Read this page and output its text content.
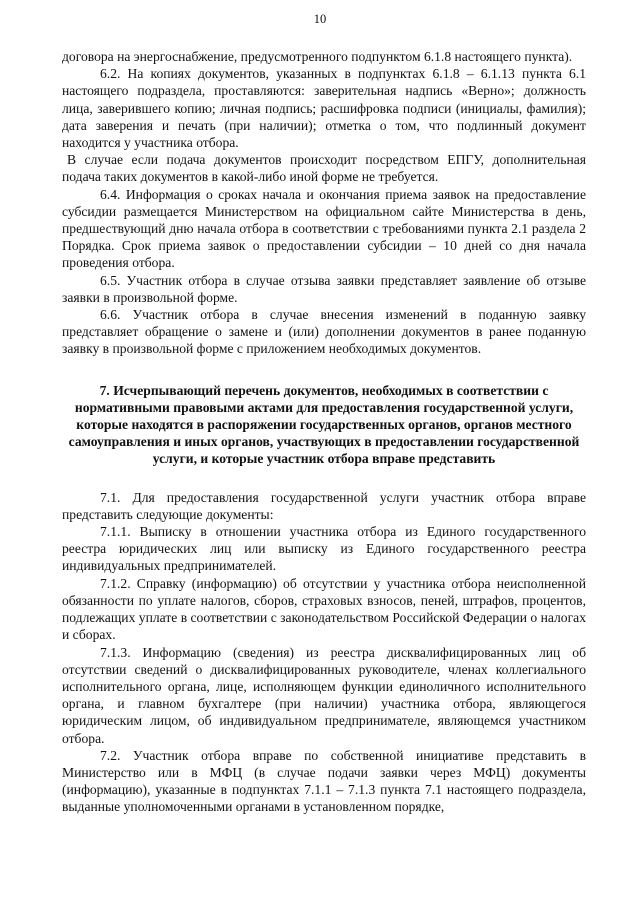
10

договора на энергоснабжение, предусмотренного подпунктом 6.1.8 настоящего пункта).

6.2. На копиях документов, указанных в подпунктах 6.1.8 – 6.1.13 пункта 6.1 настоящего подраздела, проставляются: заверительная надпись «Верно»; должность лица, заверившего копию; личная подпись; расшифровка подписи (инициалы, фамилия); дата заверения и печать (при наличии); отметка о том, что подлинный документ находится у участника отбора.

В случае если подача документов происходит посредством ЕПГУ, дополнительная подача таких документов в какой-либо иной форме не требуется.

6.4. Информация о сроках начала и окончания приема заявок на предоставление субсидии размещается Министерством на официальном сайте Министерства в день, предшествующий дню начала отбора в соответствии с требованиями пункта 2.1 раздела 2 Порядка. Срок приема заявок о предоставлении субсидии – 10 дней со дня начала проведения отбора.

6.5. Участник отбора в случае отзыва заявки представляет заявление об отзыве заявки в произвольной форме.

6.6. Участник отбора в случае внесения изменений в поданную заявку представляет обращение о замене и (или) дополнении документов в ранее поданную заявку в произвольной форме с приложением необходимых документов.

7. Исчерпывающий перечень документов, необходимых в соответствии с нормативными правовыми актами для предоставления государственной услуги, которые находятся в распоряжении государственных органов, органов местного самоуправления и иных органов, участвующих в предоставлении государственной услуги, и которые участник отбора вправе представить

7.1. Для предоставления государственной услуги участник отбора вправе представить следующие документы:

7.1.1. Выписку в отношении участника отбора из Единого государственного реестра юридических лиц или выписку из Единого государственного реестра индивидуальных предпринимателей.

7.1.2. Справку (информацию) об отсутствии у участника отбора неисполненной обязанности по уплате налогов, сборов, страховых взносов, пеней, штрафов, процентов, подлежащих уплате в соответствии с законодательством Российской Федерации о налогах и сборах.

7.1.3. Информацию (сведения) из реестра дисквалифицированных лиц об отсутствии сведений о дисквалифицированных руководителе, членах коллегиального исполнительного органа, лице, исполняющем функции единоличного исполнительного органа, и главном бухгалтере (при наличии) участника отбора, являющегося юридическим лицом, об индивидуальном предпринимателе, являющемся участником отбора.

7.2. Участник отбора вправе по собственной инициативе представить в Министерство или в МФЦ (в случае подачи заявки через МФЦ) документы (информацию), указанные в подпунктах 7.1.1 – 7.1.3 пункта 7.1 настоящего подраздела, выданные уполномоченными органами в установленном порядке,
